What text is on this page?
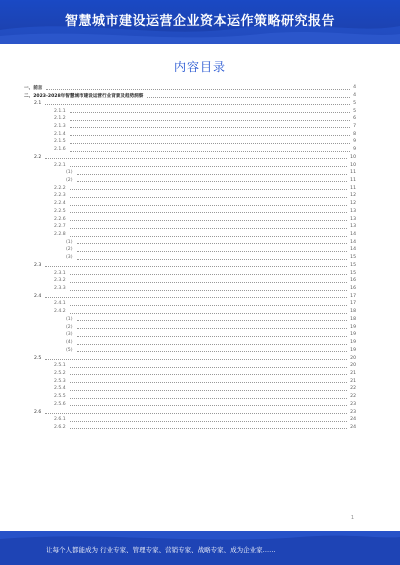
智慧城市建设运营企业资本运作策略研究报告
内容目录
一、前言	4
二、2023-2028年智慧城市建设运营行业背景及趋势洞察	4
2.1	5
2.1.1	5
2.1.2	6
2.1.3	7
2.1.4	8
2.1.5	9
2.1.6	9
2.2	10
2.2.1	10
(1)	11
(2)	11
2.2.2	11
2.2.3	12
2.2.4	12
2.2.5	13
2.2.6	13
2.2.7	13
2.2.8	14
(1)	14
(2)	14
(3)	15
2.3	15
2.3.1	15
2.3.2	16
2.3.3	16
2.4	17
2.4.1	17
2.4.2	18
(1)	18
(2)	19
(3)	19
(4)	19
(5)	19
2.5	20
2.5.1	20
2.5.2	21
2.5.3	21
2.5.4	22
2.5.5	22
2.5.6	23
2.6	23
2.6.1	24
2.6.2	24
1
让每个人都能成为 行业专家、管理专家、营销专家、战略专家、成为企业家……
